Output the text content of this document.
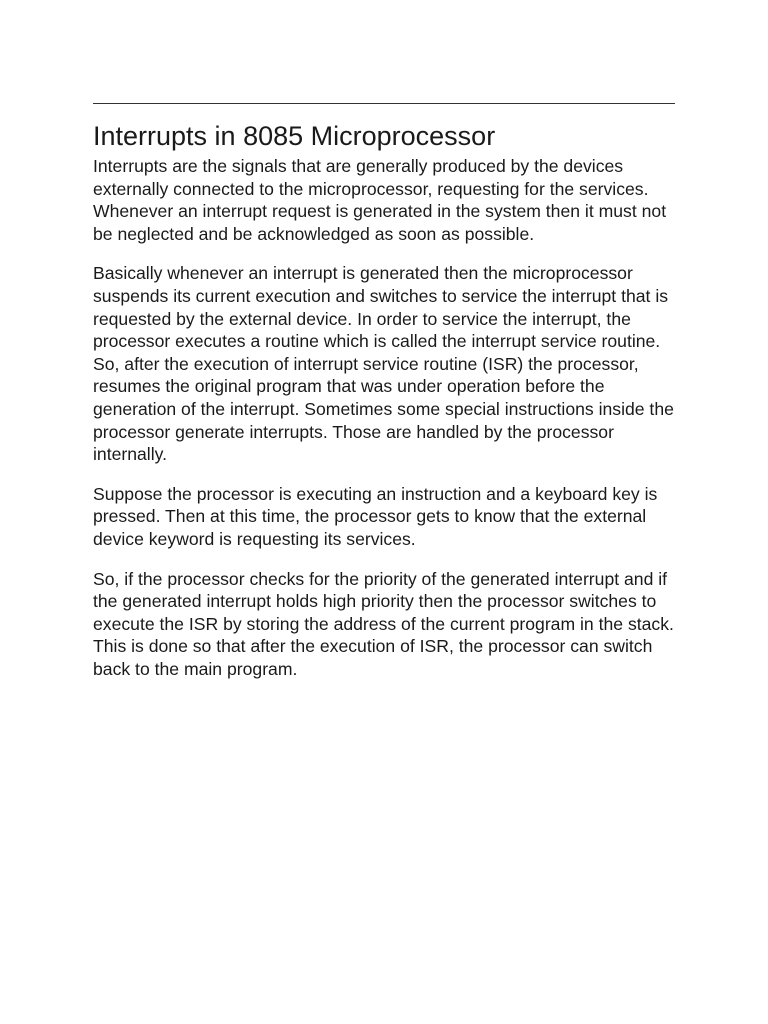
Interrupts in 8085 Microprocessor

Interrupts are the signals that are generally produced by the devices externally connected to the microprocessor, requesting for the services. Whenever an interrupt request is generated in the system then it must not be neglected and be acknowledged as soon as possible.

Basically whenever an interrupt is generated then the microprocessor suspends its current execution and switches to service the interrupt that is requested by the external device. In order to service the interrupt, the processor executes a routine which is called the interrupt service routine. So, after the execution of interrupt service routine (ISR) the processor, resumes the original program that was under operation before the generation of the interrupt. Sometimes some special instructions inside the processor generate interrupts. Those are handled by the processor internally.

Suppose the processor is executing an instruction and a keyboard key is pressed. Then at this time, the processor gets to know that the external device keyword is requesting its services.

So, if the processor checks for the priority of the generated interrupt and if the generated interrupt holds high priority then the processor switches to execute the ISR by storing the address of the current program in the stack. This is done so that after the execution of ISR, the processor can switch back to the main program.
